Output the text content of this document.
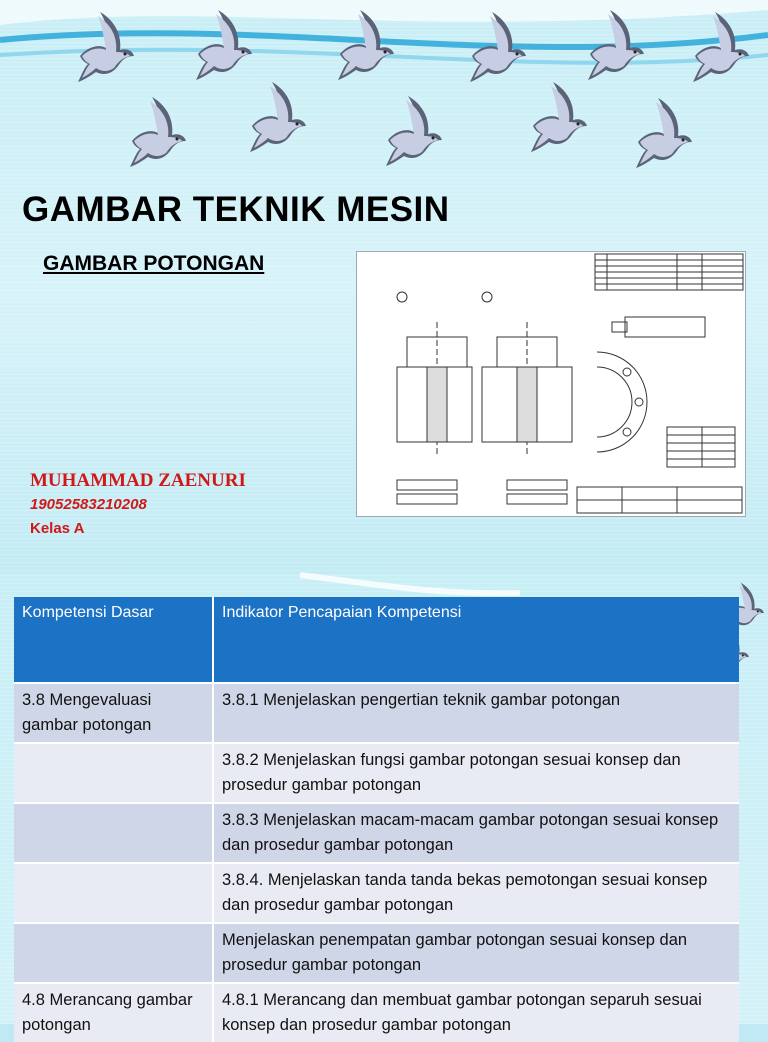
GAMBAR TEKNIK MESIN
GAMBAR POTONGAN

MUHAMMAD ZAENURI

19052583210208

Kelas A

Kompetensi Dasar	Indikator Pencapaian Kompetensi
3.8 Mengevaluasi gambar potongan
3.8.1 Menjelaskan pengertian teknik gambar potongan
3.8.2 Menjelaskan fungsi gambar potongan sesuai konsep dan prosedur gambar potongan
3.8.3 Menjelaskan macam-macam gambar potongan sesuai konsep dan prosedur gambar potongan
3.8.4. Menjelaskan tanda tanda bekas pemotongan sesuai konsep dan prosedur gambar potongan
Menjelaskan penempatan gambar potongan sesuai konsep dan prosedur gambar potongan
4.8 Merancang gambar potongan
4.8.1 Merancang dan membuat gambar potongan separuh sesuai konsep dan prosedur gambar potongan
